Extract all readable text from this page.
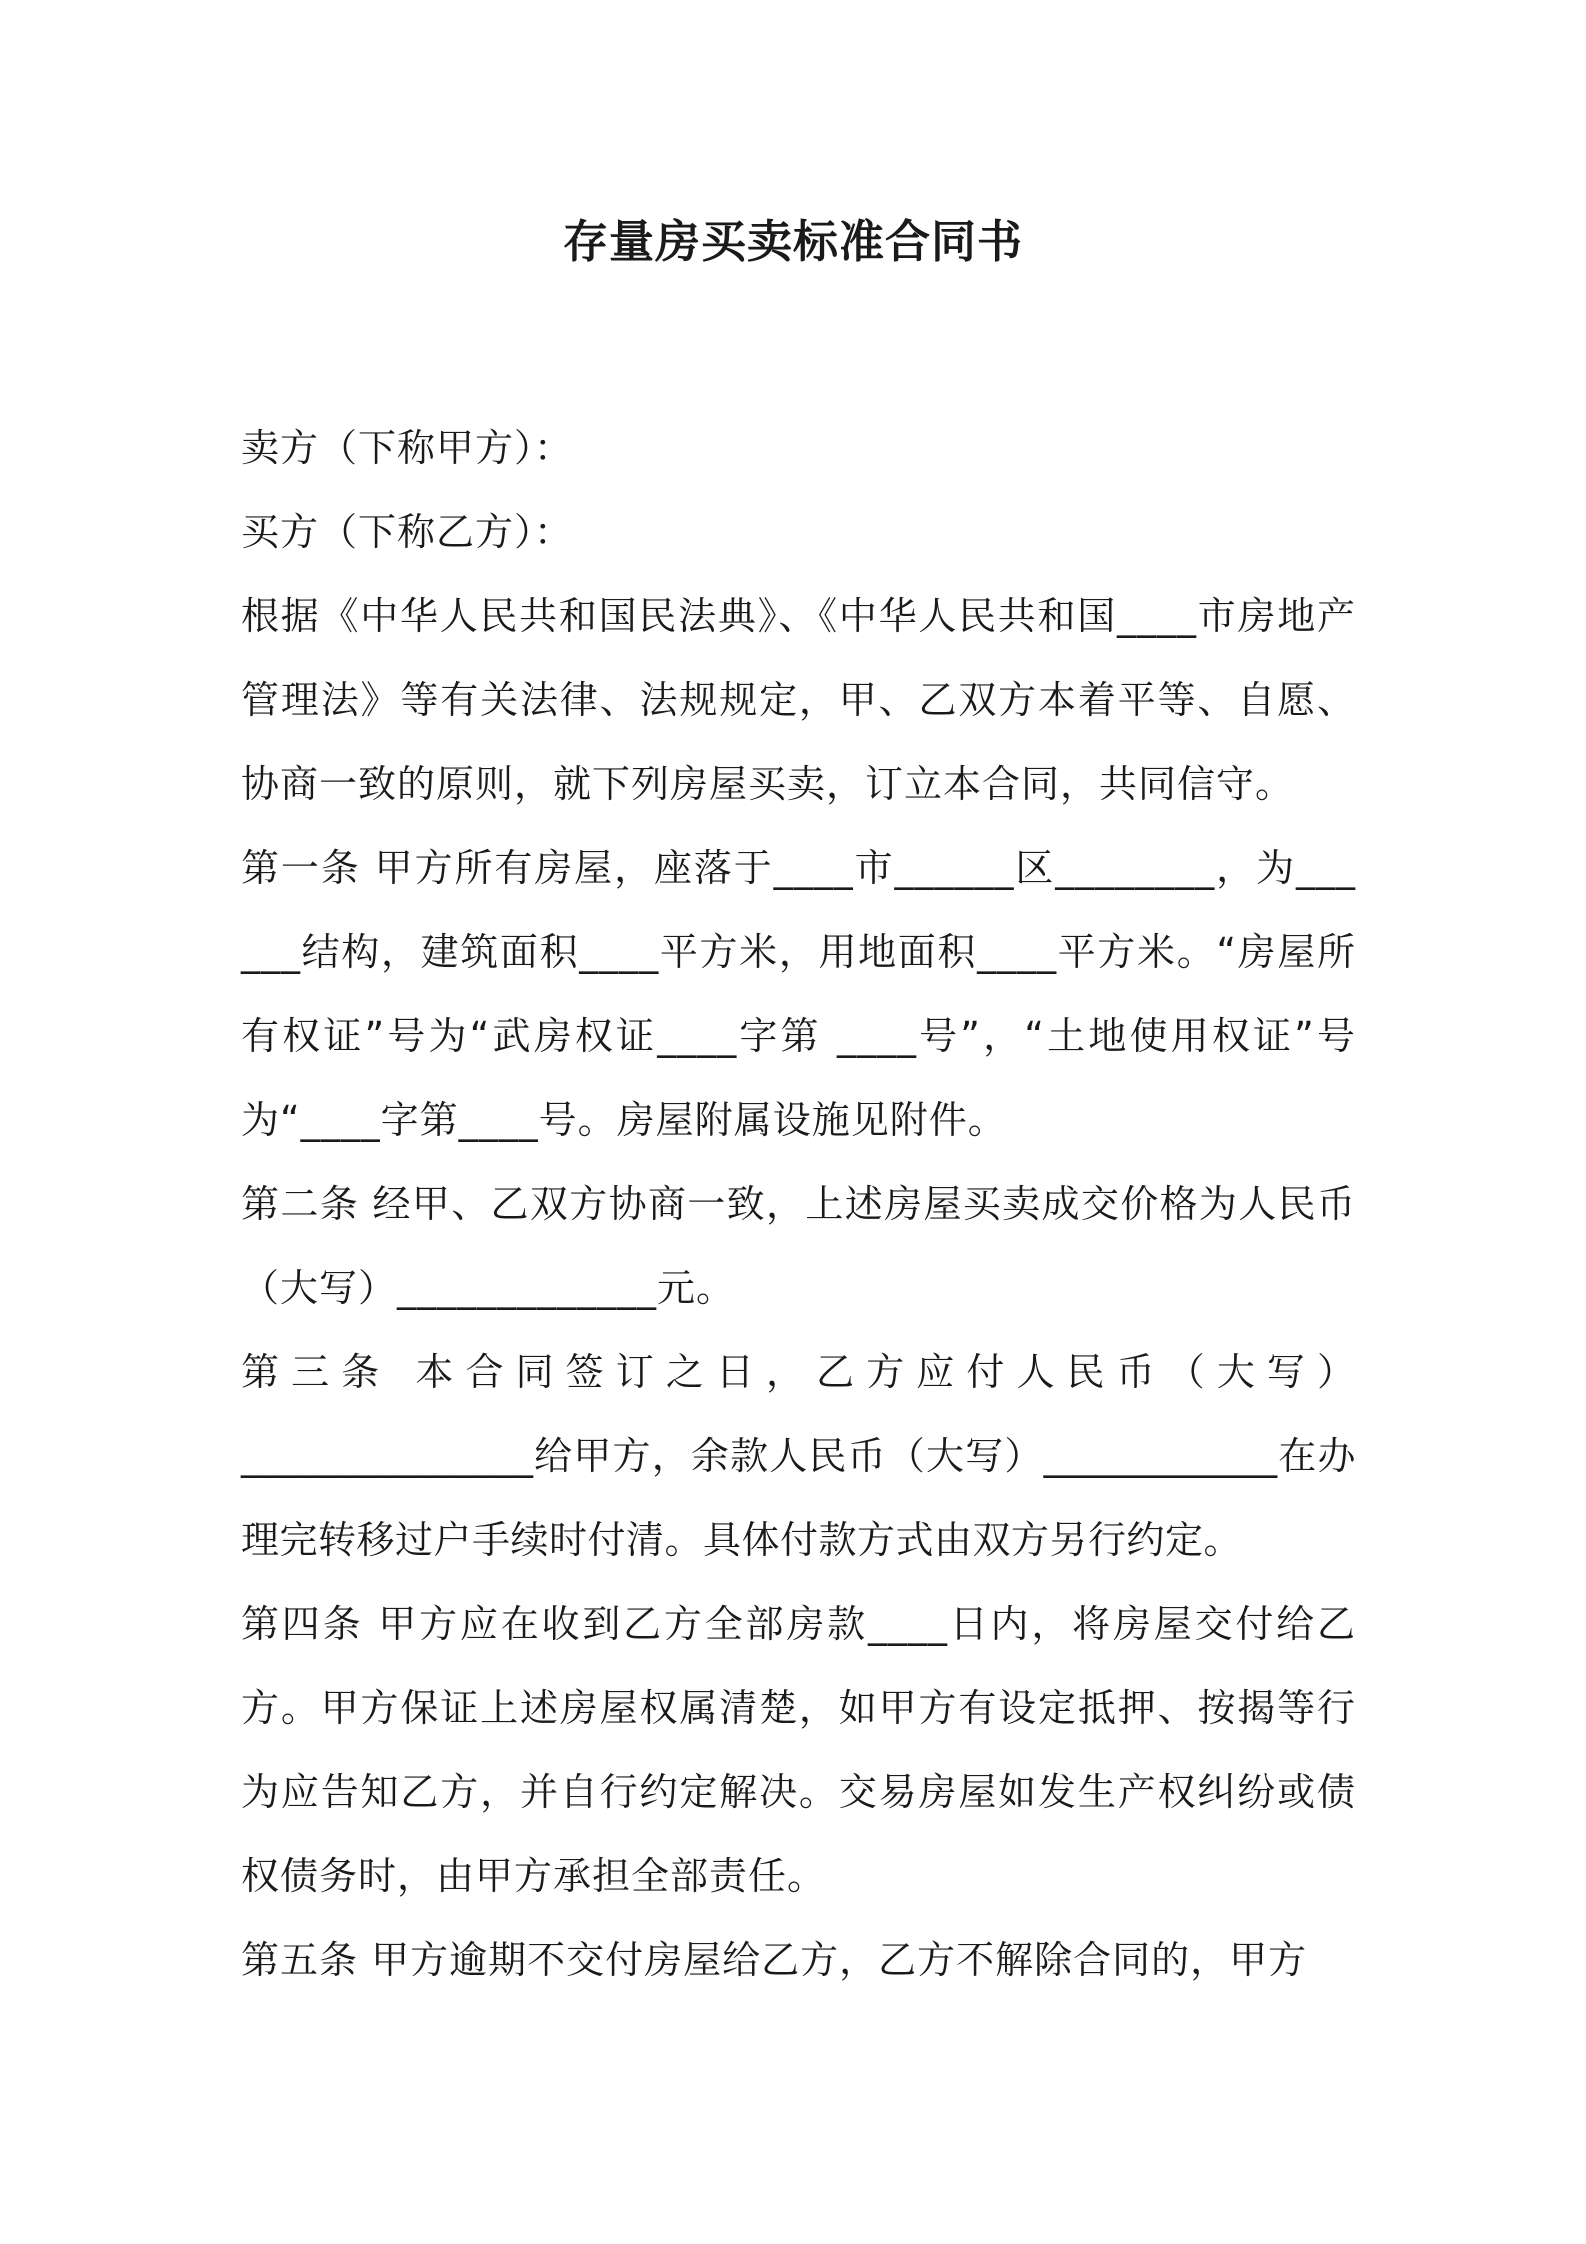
存量房买卖标准合同书

卖方（下称甲方）：

买方（下称乙方）：

根据《中华人民共和国民法典》、《中华人民共和国____市房地产管理法》等有关法律、法规规定，甲、乙双方本着平等、自愿、协商一致的原则，就下列房屋买卖，订立本合同，共同信守。

第一条 甲方所有房屋，座落于____市______区________，为______结构，建筑面积____平方米，用地面积____平方米。“房屋所有权证”号为“武房权证____字第 ____号”，“土地使用权证”号为“____字第____号。房屋附属设施见附件。

第二条 经甲、乙双方协商一致，上述房屋买卖成交价格为人民币（大写）_____________元。

第三条 本合同签订之日，乙方应付人民币（大写）

_______________给甲方，余款人民币（大写）____________在办理完转移过户手续时付清。具体付款方式由双方另行约定。

第四条 甲方应在收到乙方全部房款____日内，将房屋交付给乙方。甲方保证上述房屋权属清楚，如甲方有设定抵押、按揭等行为应告知乙方，并自行约定解决。交易房屋如发生产权纠纷或债权债务时，由甲方承担全部责任。

第五条 甲方逾期不交付房屋给乙方，乙方不解除合同的，甲方
